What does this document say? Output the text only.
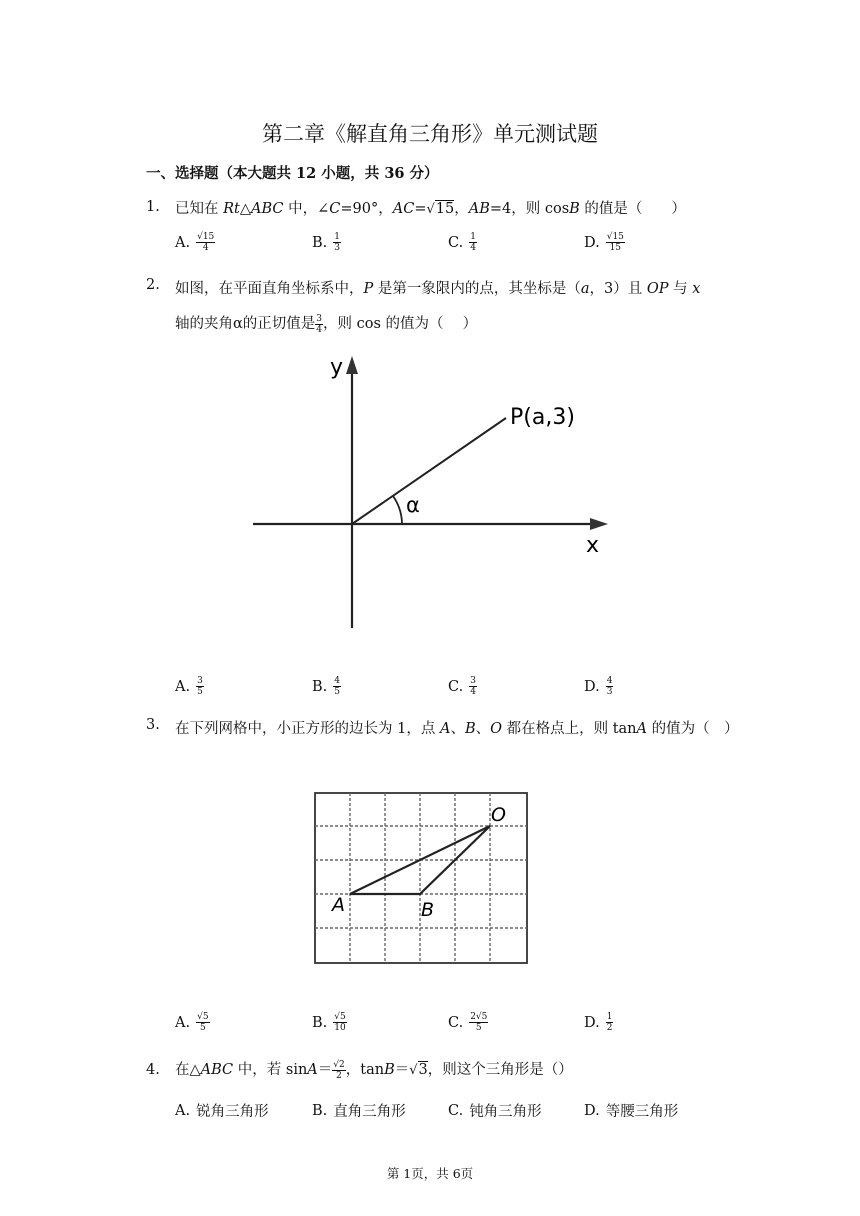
第二章《解直角三角形》单元测试题
一、选择题（本大题共 12 小题，共 36 分）
1. 已知在 Rt△ABC 中，∠C=90°，AC=√15，AB=4，则 cosB 的值是（　　）
A. $\frac{√15}{4}$	B. $\frac{1}{3}$	C. $\frac{1}{4}$	D. $\frac{√15}{15}$
2. 如图，在平面直角坐标系中，P 是第一象限内的点，其坐标是（a，3）且 OP 与 x
轴的夹角α的正切值是 $\frac{3}{4}$ ，则 cos 的值为（　 ）
y
x
P(a,3)
α
A. $\frac{3}{5}$	B. $\frac{4}{5}$	C. $\frac{3}{4}$	D. $\frac{4}{3}$
3. 在下列网格中，小正方形的边长为 1，点 A、B、O 都在格点上，则 tanA 的值为（　）
O
A	B
A. $\frac{√5}{5}$	B. $\frac{√5}{10}$	C. $\frac{2√5}{5}$	D. $\frac{1}{2}$
4. 在△ABC 中，若 $\sin A= \frac{√2}{2}$ ，tanB＝√3，则这个三角形是（）
A. 锐角三角形	B. 直角三角形	C. 钝角三角形	D. 等腰三角形
第 1页，共 6页
